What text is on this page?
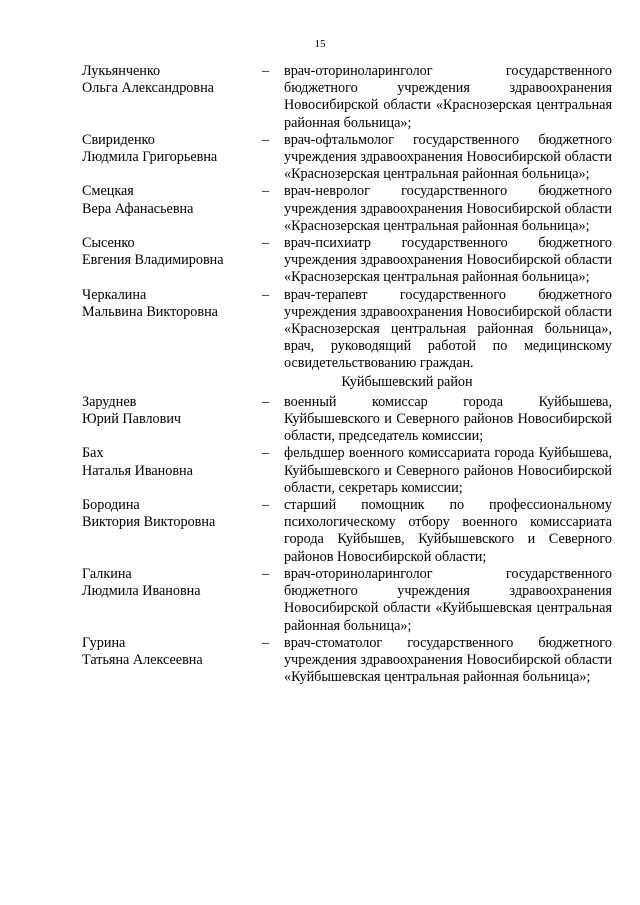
15
Лукьянченко
Ольга Александровна
–	врач-оториноларинголог государственного бюджетного учреждения здравоохранения Новосибирской области «Краснозерская центральная районная больница»;
Свириденко
Людмила Григорьевна
–	врач-офтальмолог государственного бюджетного учреждения здравоохранения Новосибирской области «Краснозерская центральная районная больница»;
Смецкая
Вера Афанасьевна
–	врач-невролог государственного бюджетного учреждения здравоохранения Новосибирской области «Краснозерская центральная районная больница»;
Сысенко
Евгения Владимировна
–	врач-психиатр государственного бюджетного учреждения здравоохранения Новосибирской области «Краснозерская центральная районная больница»;
Черкалина
Мальвина Викторовна
–	врач-терапевт государственного бюджетного учреждения здравоохранения Новосибирской области «Краснозерская центральная районная больница», врач, руководящий работой по медицинскому освидетельствованию граждан.
Куйбышевский район
Заруднев
Юрий Павлович
–	военный комиссар города Куйбышева, Куйбышевского и Северного районов Новосибирской области, председатель комиссии;
Бах
Наталья Ивановна
–	фельдшер военного комиссариата города Куйбышева, Куйбышевского и Северного районов Новосибирской области, секретарь комиссии;
Бородина
Виктория Викторовна
–	старший помощник по профессиональному психологическому отбору военного комиссариата города Куйбышев, Куйбышевского и Северного районов Новосибирской области;
Галкина
Людмила Ивановна
–	врач-оториноларинголог государственного бюджетного учреждения здравоохранения Новосибирской области «Куйбышевская центральная районная больница»;
Гурина
Татьяна Алексеевна
–	врач-стоматолог государственного бюджетного учреждения здравоохранения Новосибирской области «Куйбышевская центральная районная больница»;
